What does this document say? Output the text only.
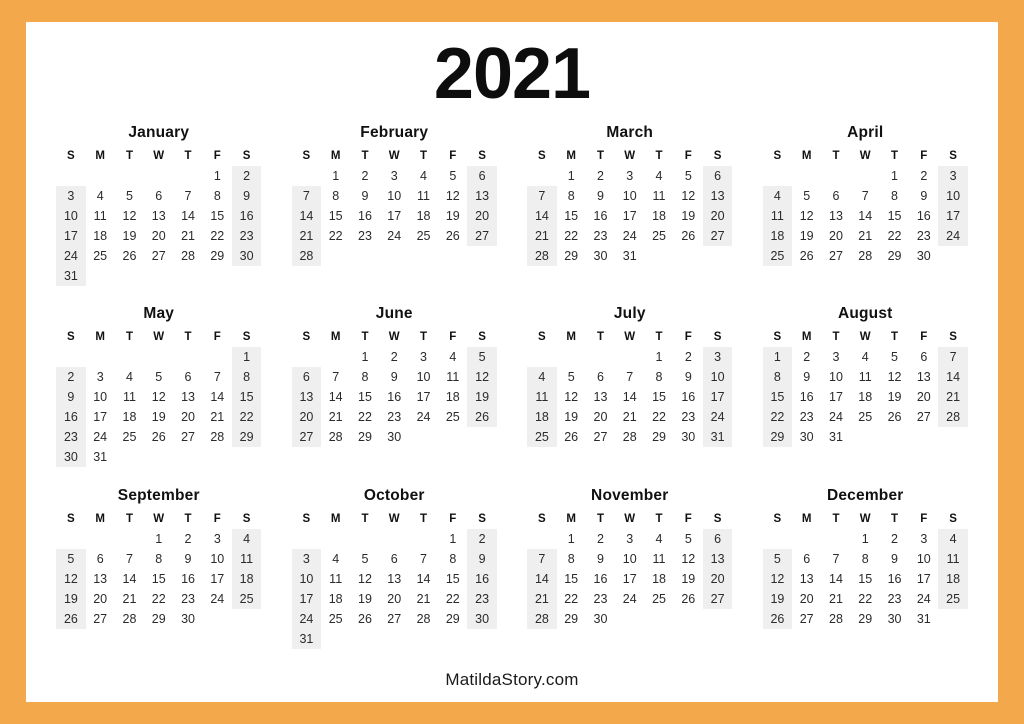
2021
January
S	M	T	W	T	F	S
					1	2
3	4	5	6	7	8	9
10	11	12	13	14	15	16
17	18	19	20	21	22	23
24	25	26	27	28	29	30
31						
February
S	M	T	W	T	F	S
	1	2	3	4	5	6
7	8	9	10	11	12	13
14	15	16	17	18	19	20
21	22	23	24	25	26	27
28						
March
S	M	T	W	T	F	S
	1	2	3	4	5	6
7	8	9	10	11	12	13
14	15	16	17	18	19	20
21	22	23	24	25	26	27
28	29	30	31			
April
S	M	T	W	T	F	S
				1	2	3
4	5	6	7	8	9	10
11	12	13	14	15	16	17
18	19	20	21	22	23	24
25	26	27	28	29	30	
May
S	M	T	W	T	F	S
						1
2	3	4	5	6	7	8
9	10	11	12	13	14	15
16	17	18	19	20	21	22
23	24	25	26	27	28	29
30	31					
June
S	M	T	W	T	F	S
		1	2	3	4	5
6	7	8	9	10	11	12
13	14	15	16	17	18	19
20	21	22	23	24	25	26
27	28	29	30			
July
S	M	T	W	T	F	S
				1	2	3
4	5	6	7	8	9	10
11	12	13	14	15	16	17
18	19	20	21	22	23	24
25	26	27	28	29	30	31
August
S	M	T	W	T	F	S
1	2	3	4	5	6	7
8	9	10	11	12	13	14
15	16	17	18	19	20	21
22	23	24	25	26	27	28
29	30	31				
September
S	M	T	W	T	F	S
			1	2	3	4
5	6	7	8	9	10	11
12	13	14	15	16	17	18
19	20	21	22	23	24	25
26	27	28	29	30		
October
S	M	T	W	T	F	S
					1	2
3	4	5	6	7	8	9
10	11	12	13	14	15	16
17	18	19	20	21	22	23
24	25	26	27	28	29	30
31						
November
S	M	T	W	T	F	S
	1	2	3	4	5	6
7	8	9	10	11	12	13
14	15	16	17	18	19	20
21	22	23	24	25	26	27
28	29	30				
December
S	M	T	W	T	F	S
			1	2	3	4
5	6	7	8	9	10	11
12	13	14	15	16	17	18
19	20	21	22	23	24	25
26	27	28	29	30	31	
MatildaStory.com
